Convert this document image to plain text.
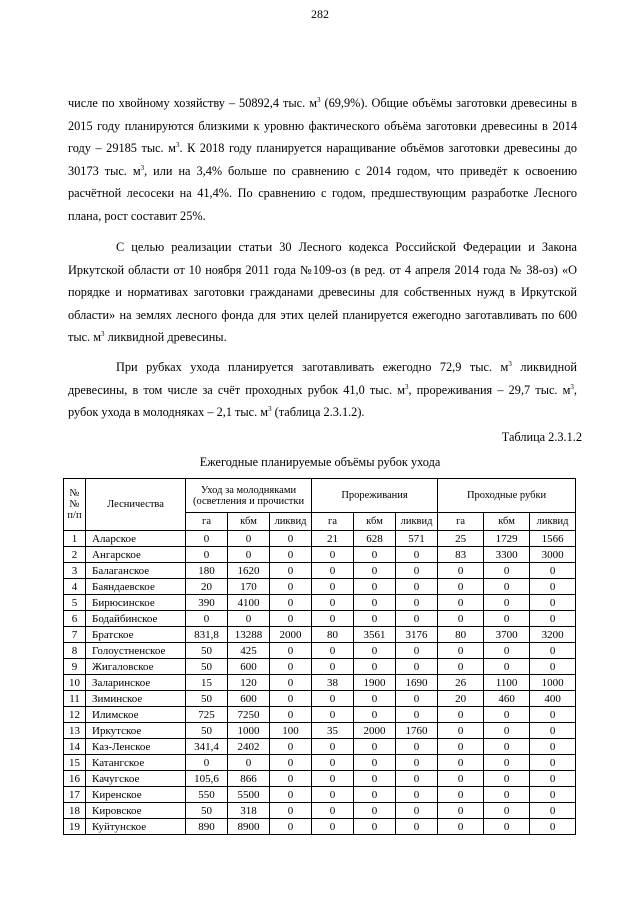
282

числе по хвойному хозяйству – 50892,4 тыс. $м^3$ (69,9%). Общие объёмы заготовки древесины в 2015 году планируются близкими к уровню фактического объёма заготовки древесины в 2014 году – 29185 тыс. $м^3$. К 2018 году планируется наращивание объёмов заготовки древесины до 30173 тыс. $м^3$, или на 3,4% больше по сравнению с 2014 годом, что приведёт к освоению расчётной лесосеки на 41,4%. По сравнению с годом, предшествующим разработке Лесного плана, рост составит 25%.

С целью реализации статьи 30 Лесного кодекса Российской Федерации и Закона Иркутской области от 10 ноября 2011 года №109-оз (в ред. от 4 апреля 2014 года № 38-оз) «О порядке и нормативах заготовки гражданами древесины для собственных нужд в Иркутской области» на землях лесного фонда для этих целей планируется ежегодно заготавливать по 600 тыс. $м^3$ ликвидной древесины.

При рубках ухода планируется заготавливать ежегодно 72,9 тыс. $м^3$ ликвидной древесины, в том числе за счёт проходных рубок 41,0 тыс. $м^3$, прореживания – 29,7 тыс. $м^3$, рубок ухода в молодняках – 2,1 тыс. $м^3$ (таблица 2.3.1.2).

Таблица 2.3.1.2
Ежегодные планируемые объёмы рубок ухода
№№ п/п	Лесничества	Уход за молодняками (осветления и прочистки			Прореживания			Проходные рубки		
		га	кбм	ликвид	га	кбм	ликвид	га	кбм	ликвид
1	Аларское	0	0	0	21	628	571	25	1729	1566
2	Ангарское	0	0	0	0	0	0	83	3300	3000
3	Балаганское	180	1620	0	0	0	0	0	0	0
4	Баяндаевское	20	170	0	0	0	0	0	0	0
5	Бирюсинское	390	4100	0	0	0	0	0	0	0
6	Бодайбинское	0	0	0	0	0	0	0	0	0
7	Братское	831,8	13288	2000	80	3561	3176	80	3700	3200
8	Голоустненское	50	425	0	0	0	0	0	0	0
9	Жигаловское	50	600	0	0	0	0	0	0	0
10	Заларинское	15	120	0	38	1900	1690	26	1100	1000
11	Зиминское	50	600	0	0	0	0	20	460	400
12	Илимское	725	7250	0	0	0	0	0	0	0
13	Иркутское	50	1000	100	35	2000	1760	0	0	0
14	Каз-Ленское	341,4	2402	0	0	0	0	0	0	0
15	Катангское	0	0	0	0	0	0	0	0	0
16	Качугское	105,6	866	0	0	0	0	0	0	0
17	Киренское	550	5500	0	0	0	0	0	0	0
18	Кировское	50	318	0	0	0	0	0	0	0
19	Куйтунское	890	8900	0	0	0	0	0	0	0
